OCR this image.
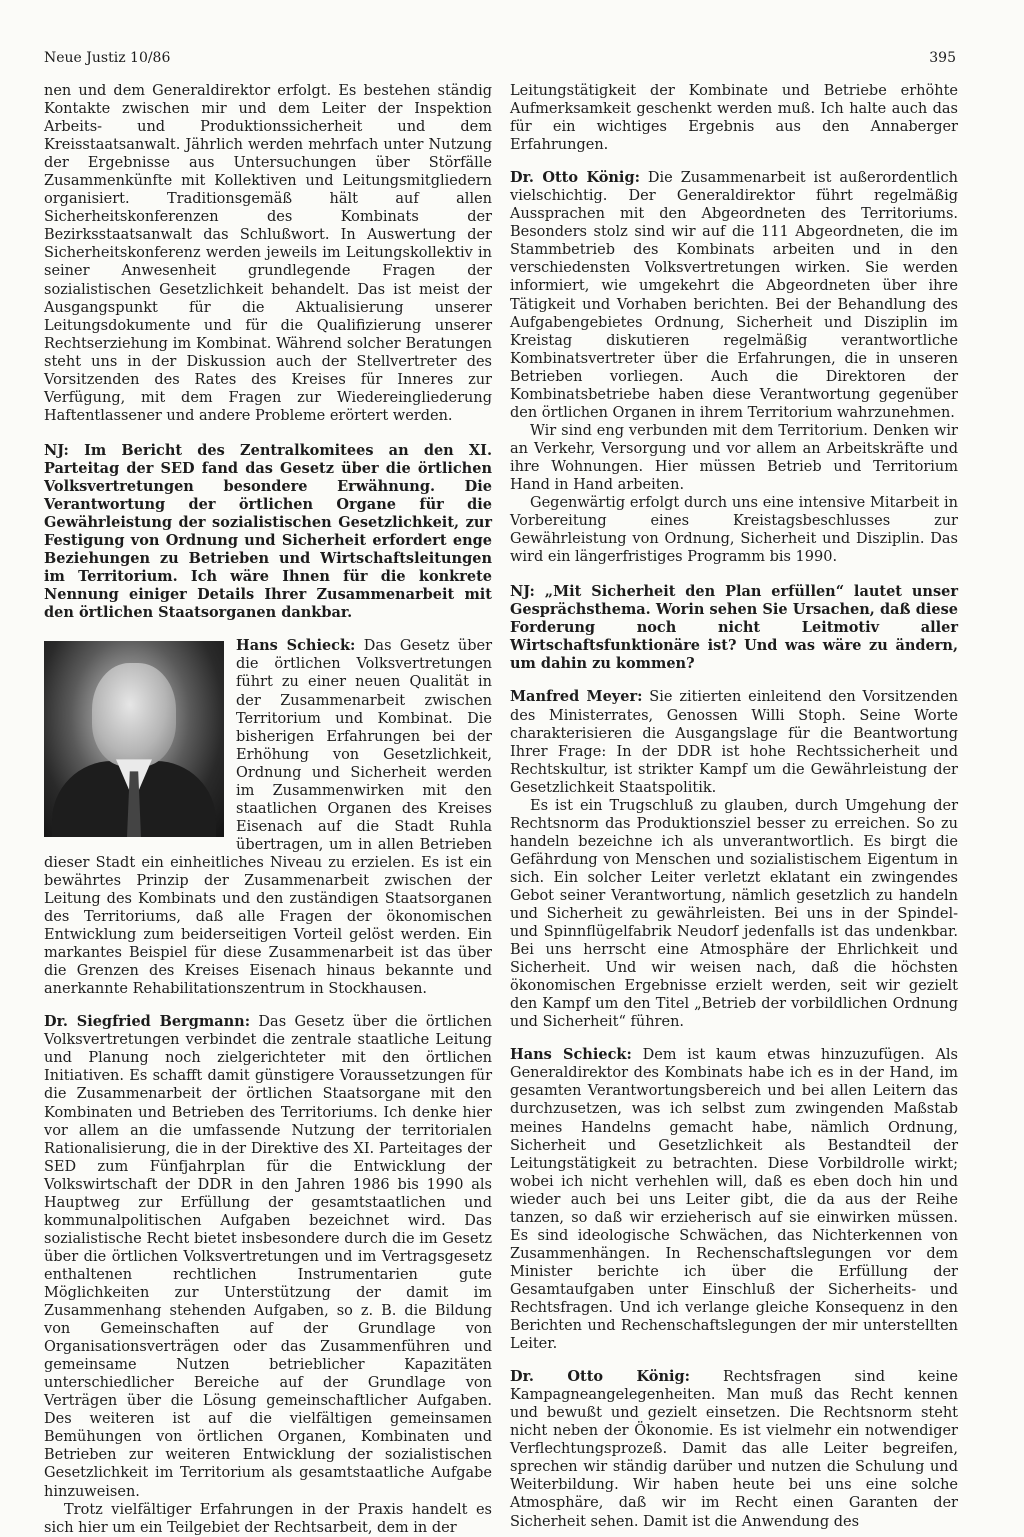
Neue Justiz 10/86	395

nen und dem Generaldirektor erfolgt. Es bestehen ständig Kontakte zwischen mir und dem Leiter der Inspektion Arbeits- und Produktionssicherheit und dem Kreisstaatsanwalt. Jährlich werden mehrfach unter Nutzung der Ergebnisse aus Untersuchungen über Störfälle Zusammenkünfte mit Kollektiven und Leitungsmitgliedern organisiert. Traditionsgemäß hält auf allen Sicherheitskonferenzen des Kombinats der Bezirksstaatsanwalt das Schlußwort. In Auswertung der Sicherheitskonferenz werden jeweils im Leitungskollektiv in seiner Anwesenheit grundlegende Fragen der sozialistischen Gesetzlichkeit behandelt. Das ist meist der Ausgangspunkt für die Aktualisierung unserer Leitungsdokumente und für die Qualifizierung unserer Rechtserziehung im Kombinat. Während solcher Beratungen steht uns in der Diskussion auch der Stellvertreter des Vorsitzenden des Rates des Kreises für Inneres zur Verfügung, mit dem Fragen zur Wiedereingliederung Haftentlassener und andere Probleme erörtert werden.

NJ: Im Bericht des Zentralkomitees an den XI. Parteitag der SED fand das Gesetz über die örtlichen Volksvertretungen besondere Erwähnung. Die Verantwortung der örtlichen Organe für die Gewährleistung der sozialistischen Gesetzlichkeit, zur Festigung von Ordnung und Sicherheit erfordert enge Beziehungen zu Betrieben und Wirtschaftsleitungen im Territorium. Ich wäre Ihnen für die konkrete Nennung einiger Details Ihrer Zusammenarbeit mit den örtlichen Staatsorganen dankbar.

Hans Schieck:
Das Gesetz über die örtlichen Volksvertretungen führt zu einer neuen Qualität in der Zusammenarbeit zwischen Territorium und Kombinat. Die bisherigen Erfahrungen bei der Erhöhung von Gesetzlichkeit, Ordnung und Sicherheit werden im Zusammenwirken mit den staatlichen Organen des Kreises Eisenach auf die Stadt Ruhla übertragen, um in allen Betrieben dieser Stadt ein einheitliches Niveau zu erzielen. Es ist ein bewährtes Prinzip der Zusammenarbeit zwischen der Leitung des Kombinats und den zuständigen Staatsorganen des Territoriums, daß alle Fragen der ökonomischen Entwicklung zum beiderseitigen Vorteil gelöst werden. Ein markantes Beispiel für diese Zusammenarbeit ist das über die Grenzen des Kreises Eisenach hinaus bekannte und anerkannte Rehabilitationszentrum in Stockhausen.

Dr. Siegfried Bergmann: Das Gesetz über die örtlichen Volksvertretungen verbindet die zentrale staatliche Leitung und Planung noch zielgerichteter mit den örtlichen Initiativen. Es schafft damit günstigere Voraussetzungen für die Zusammenarbeit der örtlichen Staatsorgane mit den Kombinaten und Betrieben des Territoriums. Ich denke hier vor allem an die umfassende Nutzung der territorialen Rationalisierung, die in der Direktive des XI. Parteitages der SED zum Fünfjahrplan für die Entwicklung der Volkswirtschaft der DDR in den Jahren 1986 bis 1990 als Hauptweg zur Erfüllung der gesamtstaatlichen und kommunalpolitischen Aufgaben bezeichnet wird. Das sozialistische Recht bietet insbesondere durch die im Gesetz über die örtlichen Volksvertretungen und im Vertragsgesetz enthaltenen rechtlichen Instrumentarien gute Möglichkeiten zur Unterstützung der damit im Zusammenhang stehenden Aufgaben, so z. B. die Bildung von Gemeinschaften auf der Grundlage von Organisationsverträgen oder das Zusammenführen und gemeinsame Nutzen betrieblicher Kapazitäten unterschiedlicher Bereiche auf der Grundlage von Verträgen über die Lösung gemeinschaftlicher Aufgaben. Des weiteren ist auf die vielfältigen gemeinsamen Bemühungen von örtlichen Organen, Kombinaten und Betrieben zur weiteren Entwicklung der sozialistischen Gesetzlichkeit im Territorium als gesamtstaatliche Aufgabe hinzuweisen.

Trotz vielfältiger Erfahrungen in der Praxis handelt es sich hier um ein Teilgebiet der Rechtsarbeit, dem in der

Leitungstätigkeit der Kombinate und Betriebe erhöhte Aufmerksamkeit geschenkt werden muß. Ich halte auch das für ein wichtiges Ergebnis aus den Annaberger Erfahrungen.

Dr. Otto König: Die Zusammenarbeit ist außerordentlich vielschichtig. Der Generaldirektor führt regelmäßig Aussprachen mit den Abgeordneten des Territoriums. Besonders stolz sind wir auf die 111 Abgeordneten, die im Stammbetrieb des Kombinats arbeiten und in den verschiedensten Volksvertretungen wirken. Sie werden informiert, wie umgekehrt die Abgeordneten über ihre Tätigkeit und Vorhaben berichten. Bei der Behandlung des Aufgabengebietes Ordnung, Sicherheit und Disziplin im Kreistag diskutieren regelmäßig verantwortliche Kombinatsvertreter über die Erfahrungen, die in unseren Betrieben vorliegen. Auch die Direktoren der Kombinatsbetriebe haben diese Verantwortung gegenüber den örtlichen Organen in ihrem Territorium wahrzunehmen.

Wir sind eng verbunden mit dem Territorium. Denken wir an Verkehr, Versorgung und vor allem an Arbeitskräfte und ihre Wohnungen. Hier müssen Betrieb und Territorium Hand in Hand arbeiten.

Gegenwärtig erfolgt durch uns eine intensive Mitarbeit in Vorbereitung eines Kreistagsbeschlusses zur Gewährleistung von Ordnung, Sicherheit und Disziplin. Das wird ein längerfristiges Programm bis 1990.

NJ: „Mit Sicherheit den Plan erfüllen“ lautet unser Gesprächsthema. Worin sehen Sie Ursachen, daß diese Forderung noch nicht Leitmotiv aller Wirtschaftsfunktionäre ist? Und was wäre zu ändern, um dahin zu kommen?

Manfred Meyer: Sie zitierten einleitend den Vorsitzenden des Ministerrates, Genossen Willi Stoph. Seine Worte charakterisieren die Ausgangslage für die Beantwortung Ihrer Frage: In der DDR ist hohe Rechtssicherheit und Rechtskultur, ist strikter Kampf um die Gewährleistung der Gesetzlichkeit Staatspolitik.

Es ist ein Trugschluß zu glauben, durch Umgehung der Rechtsnorm das Produktionsziel besser zu erreichen. So zu handeln bezeichne ich als unverantwortlich. Es birgt die Gefährdung von Menschen und sozialistischem Eigentum in sich. Ein solcher Leiter verletzt eklatant ein zwingendes Gebot seiner Verantwortung, nämlich gesetzlich zu handeln und Sicherheit zu gewährleisten. Bei uns in der Spindel- und Spinnflügelfabrik Neudorf jedenfalls ist das undenkbar. Bei uns herrscht eine Atmosphäre der Ehrlichkeit und Sicherheit. Und wir weisen nach, daß die höchsten ökonomischen Ergebnisse erzielt werden, seit wir gezielt den Kampf um den Titel „Betrieb der vorbildlichen Ordnung und Sicherheit“ führen.

Hans Schieck: Dem ist kaum etwas hinzuzufügen. Als Generaldirektor des Kombinats habe ich es in der Hand, im gesamten Verantwortungsbereich und bei allen Leitern das durchzusetzen, was ich selbst zum zwingenden Maßstab meines Handelns gemacht habe, nämlich Ordnung, Sicherheit und Gesetzlichkeit als Bestandteil der Leitungstätigkeit zu betrachten. Diese Vorbildrolle wirkt; wobei ich nicht verhehlen will, daß es eben doch hin und wieder auch bei uns Leiter gibt, die da aus der Reihe tanzen, so daß wir erzieherisch auf sie einwirken müssen. Es sind ideologische Schwächen, das Nichterkennen von Zusammenhängen. In Rechenschaftslegungen vor dem Minister berichte ich über die Erfüllung der Gesamtaufgaben unter Einschluß der Sicherheits- und Rechtsfragen. Und ich verlange gleiche Konsequenz in den Berichten und Rechenschaftslegungen der mir unterstellten Leiter.

Dr. Otto König: Rechtsfragen sind keine Kampagneangelegenheiten. Man muß das Recht kennen und bewußt und gezielt einsetzen. Die Rechtsnorm steht nicht neben der Ökonomie. Es ist vielmehr ein notwendiger Verflechtungsprozeß. Damit das alle Leiter begreifen, sprechen wir ständig darüber und nutzen die Schulung und Weiterbildung. Wir haben heute bei uns eine solche Atmosphäre, daß wir im Recht einen Garanten der Sicherheit sehen. Damit ist die Anwendung des
